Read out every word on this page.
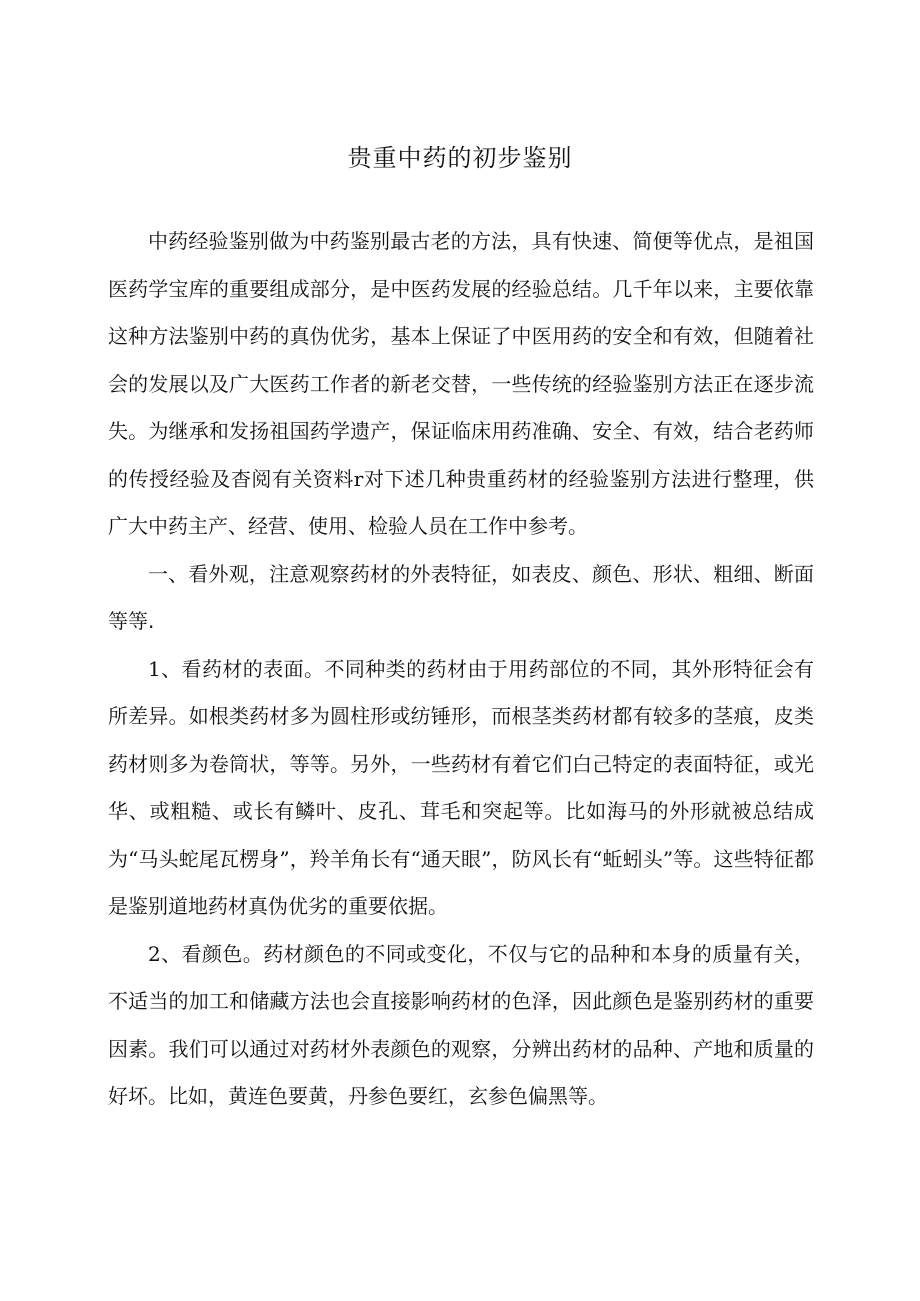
贵重中药的初步鉴别

中药经验鉴别做为中药鉴别最古老的方法，具有快速、简便等优点，是祖国医药学宝库的重要组成部分，是中医药发展的经验总结。几千年以来，主要依靠这种方法鉴别中药的真伪优劣，基本上保证了中医用药的安全和有效，但随着社会的发展以及广大医药工作者的新老交替，一些传统的经验鉴别方法正在逐步流失。为继承和发扬祖国药学遗产，保证临床用药准确、安全、有效，结合老药师的传授经验及杳阅有关资料r对下述几种贵重药材的经验鉴别方法进行整理，供广大中药主产、经营、使用、检验人员在工作中参考。

一、看外观，注意观察药材的外表特征，如表皮、颜色、形状、粗细、断面等等.

1、看药材的表面。不同种类的药材由于用药部位的不同，其外形特征会有所差异。如根类药材多为圆柱形或纺锤形，而根茎类药材都有较多的茎痕，皮类药材则多为卷筒状，等等。另外，一些药材有着它们白己特定的表面特征，或光华、或粗糙、或长有鳞叶、皮孔、茸毛和突起等。比如海马的外形就被总结成为“马头蛇尾瓦楞身”，羚羊角长有“通天眼”，防风长有“蚯蚓头”等。这些特征都是鉴别道地药材真伪优劣的重要依据。

2、看颜色。药材颜色的不同或变化，不仅与它的品种和本身的质量有关，不适当的加工和储藏方法也会直接影响药材的色泽，因此颜色是鉴别药材的重要因素。我们可以通过对药材外表颜色的观察，分辨出药材的品种、产地和质量的好坏。比如，黄连色要黄，丹参色要红，玄参色偏黑等。
